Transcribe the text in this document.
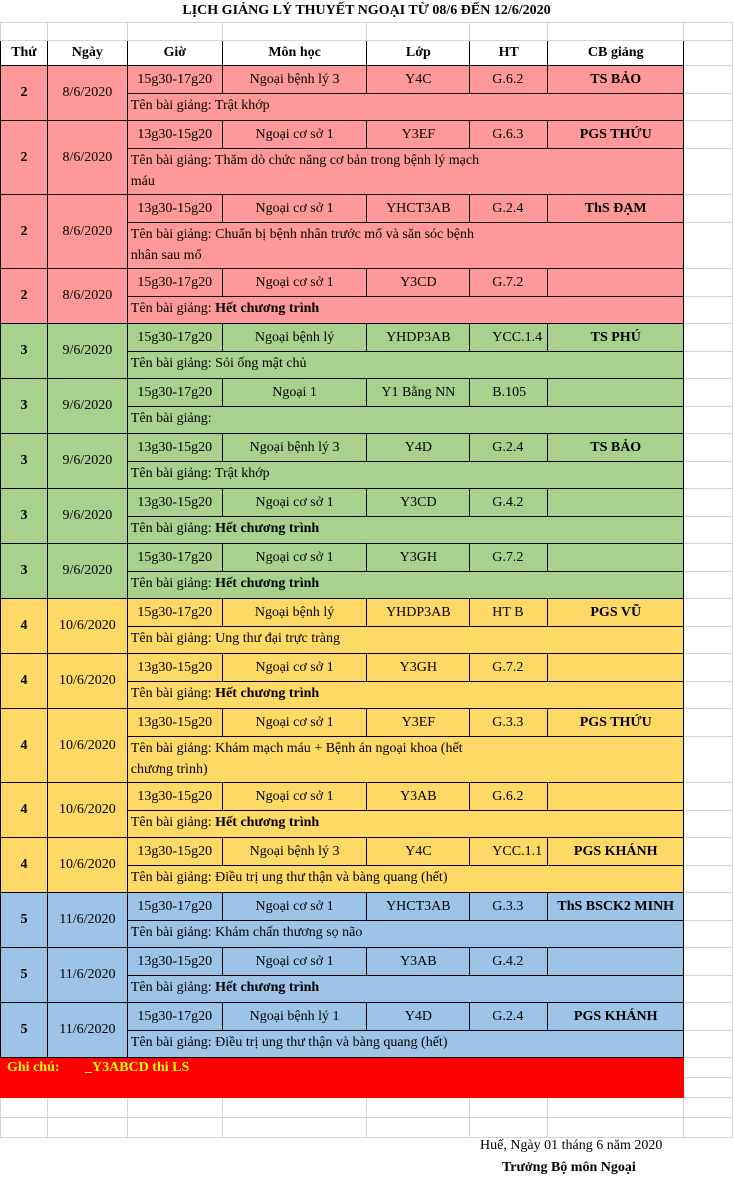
LỊCH GIẢNG LÝ THUYẾT NGOẠI TỪ 08/6 ĐẾN 12/6/2020

Thứ	Ngày	Giờ	Môn học	Lớp	HT	CB giảng	
2	8/6/2020	15g30-17g20	Ngoại bệnh lý 3	Y4C	G.6.2	TS BẢO	
		Tên bài giảng: Trật khớp					
2	8/6/2020	13g30-15g20	Ngoại cơ sở 1	Y3EF	G.6.3	PGS THỨU	
		Tên bài giảng: Thăm dò chức năng cơ bản trong bệnh lý mạch máu					
2	8/6/2020	13g30-15g20	Ngoại cơ sở 1	YHCT3AB	G.2.4	ThS ĐẠM	
		Tên bài giảng: Chuẩn bị bệnh nhân trước mổ và săn sóc bệnh nhân sau mổ					
2	8/6/2020	15g30-17g20	Ngoại cơ sở 1	Y3CD	G.7.2		
		Tên bài giảng: Hết chương trình					
3	9/6/2020	15g30-17g20	Ngoại bệnh lý	YHDP3AB	YCC.1.4	TS PHÚ	
		Tên bài giảng: Sỏi ống mật chủ					
3	9/6/2020	15g30-17g20	Ngoại 1	Y1 Bằng NN	B.105		
		Tên bài giảng:					
3	9/6/2020	13g30-15g20	Ngoại bệnh lý 3	Y4D	G.2.4	TS BẢO	
		Tên bài giảng: Trật khớp					
3	9/6/2020	13g30-15g20	Ngoại cơ sở 1	Y3CD	G.4.2		
		Tên bài giảng: Hết chương trình					
3	9/6/2020	15g30-17g20	Ngoại cơ sở 1	Y3GH	G.7.2		
		Tên bài giảng: Hết chương trình					
4	10/6/2020	15g30-17g20	Ngoại bệnh lý	YHDP3AB	HT B	PGS VŨ	
		Tên bài giảng: Ung thư đại trực tràng					
4	10/6/2020	13g30-15g20	Ngoại cơ sở 1	Y3GH	G.7.2		
		Tên bài giảng: Hết chương trình					
4	10/6/2020	13g30-15g20	Ngoại cơ sở 1	Y3EF	G.3.3	PGS THỨU	
		Tên bài giảng: Khám mạch máu + Bệnh án ngoại khoa (hết chương trình)					
4	10/6/2020	13g30-15g20	Ngoại cơ sở 1	Y3AB	G.6.2		
		Tên bài giảng: Hết chương trình					
4	10/6/2020	13g30-15g20	Ngoại bệnh lý 3	Y4C	YCC.1.1	PGS KHÁNH	
		Tên bài giảng: Điều trị ung thư thận và bàng quang (hết)					
5	11/6/2020	15g30-17g20	Ngoại cơ sở 1	YHCT3AB	G.3.3	ThS BSCK2 MINH	
		Tên bài giảng: Khám chấn thương sọ não					
5	11/6/2020	13g30-15g20	Ngoại cơ sở 1	Y3AB	G.4.2		
		Tên bài giảng: Hết chương trình					
5	11/6/2020	15g30-17g20	Ngoại bệnh lý 1	Y4D	G.2.4	PGS KHÁNH	
		Tên bài giảng: Điều trị ung thư thận và bàng quang (hết)					
Ghi chú: _Y3ABCD thi LS							

Huế, Ngày 01 tháng 6 năm 2020
Trưởng Bộ môn Ngoại
